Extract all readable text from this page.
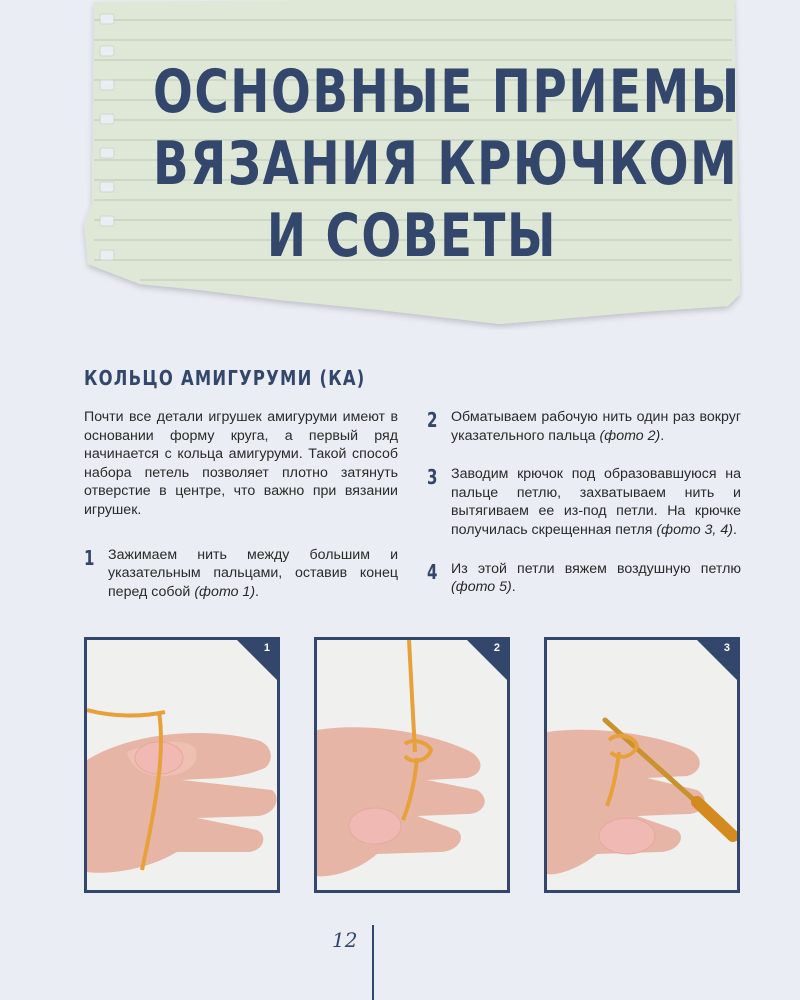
ОСНОВНЫЕ ПРИЕМЫ
ВЯЗАНИЯ КРЮЧКОМ
И СОВЕТЫ
КОЛЬЦО АМИГУРУМИ (КА)

Почти все детали игрушек амигуруми имеют в основании форму круга, а первый ряд начинается с кольца амигуруми. Такой способ набора петель позволяет плотно затянуть отверстие в центре, что важно при вязании игрушек.

1 Зажимаем нить между большим и указательным пальцами, оставив конец перед собой (фото 1).
2 Обматываем рабочую нить один раз вокруг указательного пальца (фото 2).
3 Заводим крючок под образовавшуюся на пальце петлю, захватываем нить и вытягиваем ее из-под петли. На крючке получилась скрещенная петля (фото 3, 4).
4 Из этой петли вяжем воздушную петлю (фото 5).
1	2	3
12
